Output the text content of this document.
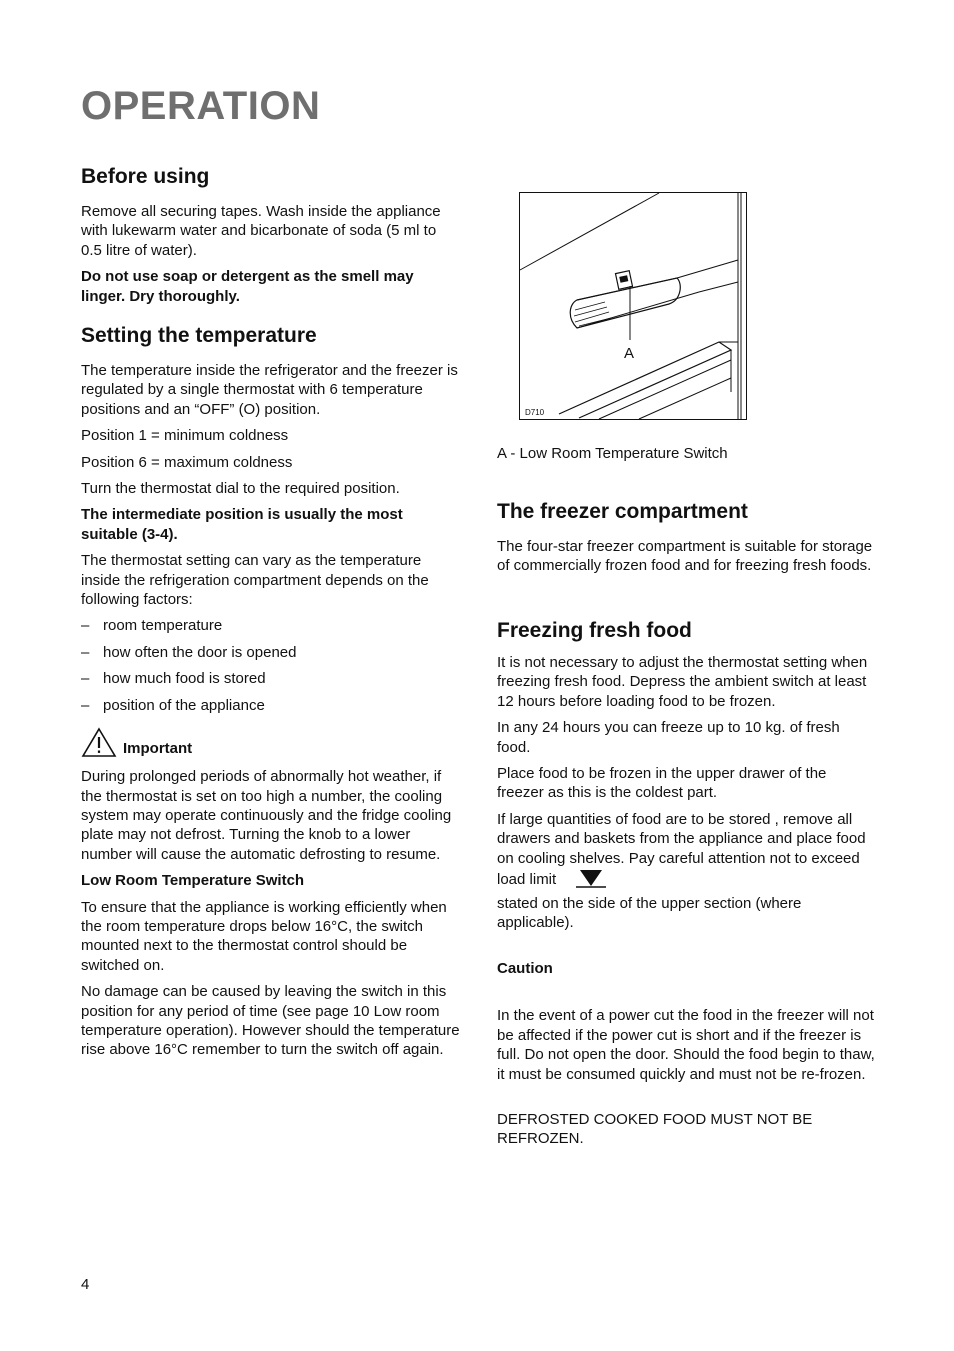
OPERATION
Before using

Remove all securing tapes. Wash inside the appliance with lukewarm water and bicarbonate of soda (5 ml to 0.5 litre of water).

Do not use soap or detergent as the smell may linger. Dry thoroughly.

Setting the temperature

The temperature inside the refrigerator and the freezer is regulated by a single thermostat with 6 temperature positions and an “OFF” (O) position.

Position 1 = minimum coldness

Position 6 = maximum coldness

Turn the thermostat dial to the required position.

The intermediate position is usually the most suitable (3-4).

The thermostat setting can vary as the temperature inside the refrigeration compartment depends on the following factors:

– room temperature
– how often the door is opened
– how much food is stored
– position of the appliance
Important

During prolonged periods of abnormally hot weather, if the thermostat is set on too high a number, the cooling system may operate continuously and the fridge cooling plate may not defrost. Turning the knob to a lower number will cause the automatic defrosting to resume.

Low Room Temperature Switch

To ensure that the appliance is working efficiently when the room temperature drops below 16°C, the switch mounted next to the thermostat control should be switched on.

No damage can be caused by leaving the switch in this position for any period of time (see page 10 Low room temperature operation). However should the temperature rise above 16°C remember to turn the switch off again.

A
D710
A - Low Room Temperature Switch
The freezer compartment

The four-star freezer compartment is suitable for storage of commercially frozen food and for freezing fresh foods.

Freezing fresh food

It is not necessary to adjust the thermostat setting when freezing fresh food. Depress the ambient switch at least 12 hours before loading food to be frozen.

In any 24 hours you can freeze up to 10 kg. of fresh food.

Place food to be frozen in the upper drawer of the freezer as this is the coldest part.

If large quantities of food are to be stored , remove all drawers and baskets from the appliance and place food on cooling shelves. Pay careful attention not to exceed load limit

stated on the side of the upper section (where applicable).

Caution

In the event of a power cut the food in the freezer will not be affected if the power cut is short and if the freezer is full. Do not open the door. Should the food begin to thaw, it must be consumed quickly and must not be re-frozen.

DEFROSTED COOKED FOOD MUST NOT BE REFROZEN.

4
